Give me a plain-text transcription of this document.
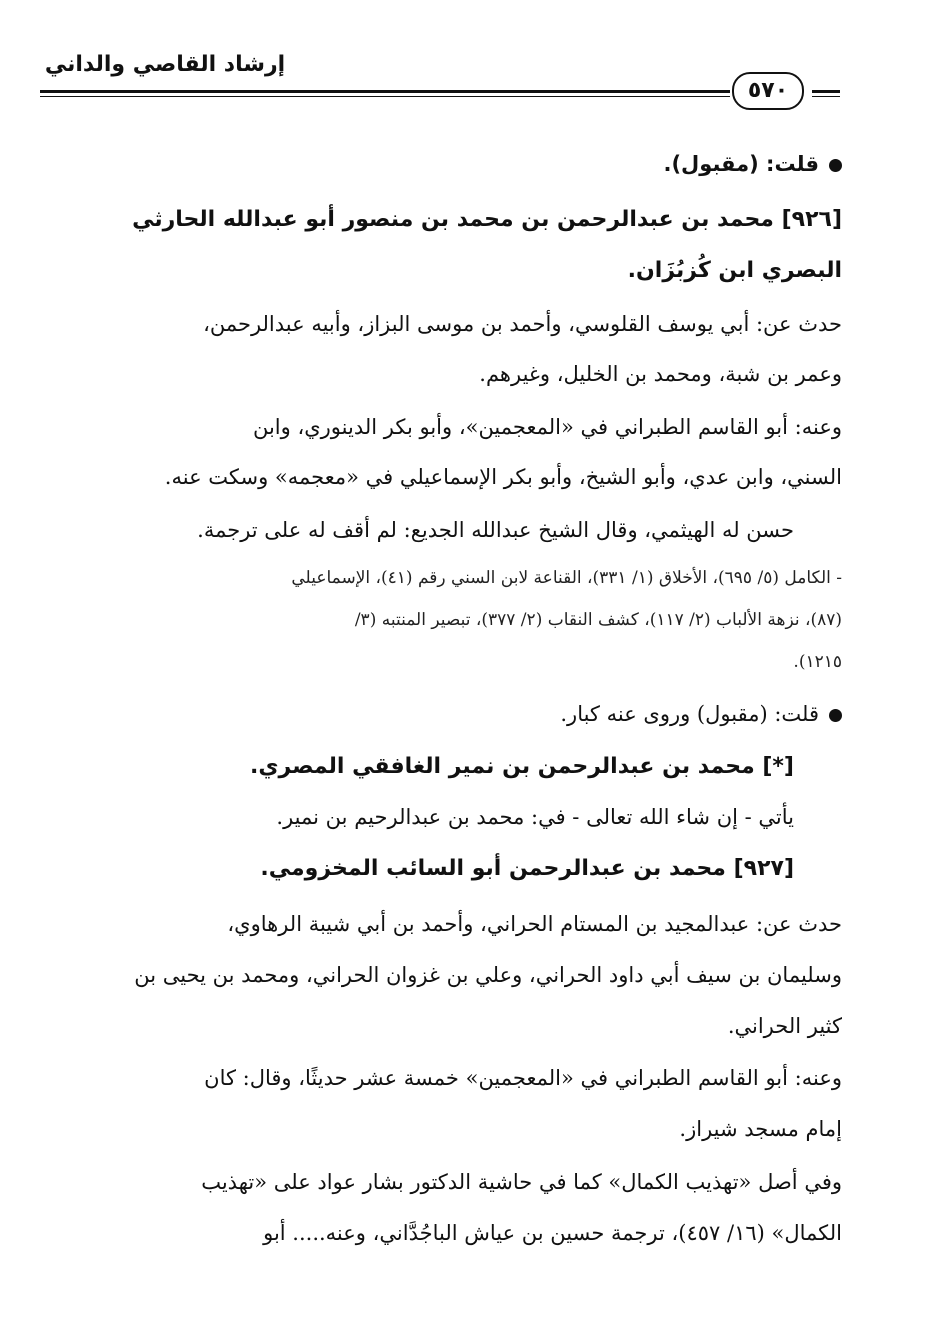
إرشاد القاصي والداني
٥٧٠
قلت: (مقبول).
[٩٢٦] محمد بن عبدالرحمن بن محمد بن منصور أبو عبدالله الحارثي
البصري ابن كُزبُزَان.
حدث عن: أبي يوسف القلوسي، وأحمد بن موسى البزاز، وأبيه عبدالرحمن،
وعمر بن شبة، ومحمد بن الخليل، وغيرهم.
وعنه: أبو القاسم الطبراني في «المعجمين»، وأبو بكر الدينوري، وابن
السني، وابن عدي، وأبو الشيخ، وأبو بكر الإسماعيلي في «معجمه» وسكت عنه.
حسن له الهيثمي، وقال الشيخ عبدالله الجديع: لم أقف له على ترجمة.
- الكامل (٥/ ٦٩٥)، الأخلاق (١/ ٣٣١)، القناعة لابن السني رقم (٤١)، الإسماعيلي
(٨٧)، نزهة الألباب (٢/ ١١٧)، كشف النقاب (٢/ ٣٧٧)، تبصير المنتبه (٣/
١٢١٥).
قلت: (مقبول) وروى عنه كبار.
[*] محمد بن عبدالرحمن بن نمير الغافقي المصري.
يأتي - إن شاء الله تعالى - في: محمد بن عبدالرحيم بن نمير.
[٩٢٧] محمد بن عبدالرحمن أبو السائب المخزومي.
حدث عن: عبدالمجيد بن المستام الحراني، وأحمد بن أبي شيبة الرهاوي،
وسليمان بن سيف أبي داود الحراني، وعلي بن غزوان الحراني، ومحمد بن يحيى بن
كثير الحراني.
وعنه: أبو القاسم الطبراني في «المعجمين» خمسة عشر حديثًا، وقال: كان
إمام مسجد شيراز.
وفي أصل «تهذيب الكمال» كما في حاشية الدكتور بشار عواد على «تهذيب
الكمال» (١٦/ ٤٥٧)، ترجمة حسين بن عياش الباجُدَّاني، وعنه..... أبو
